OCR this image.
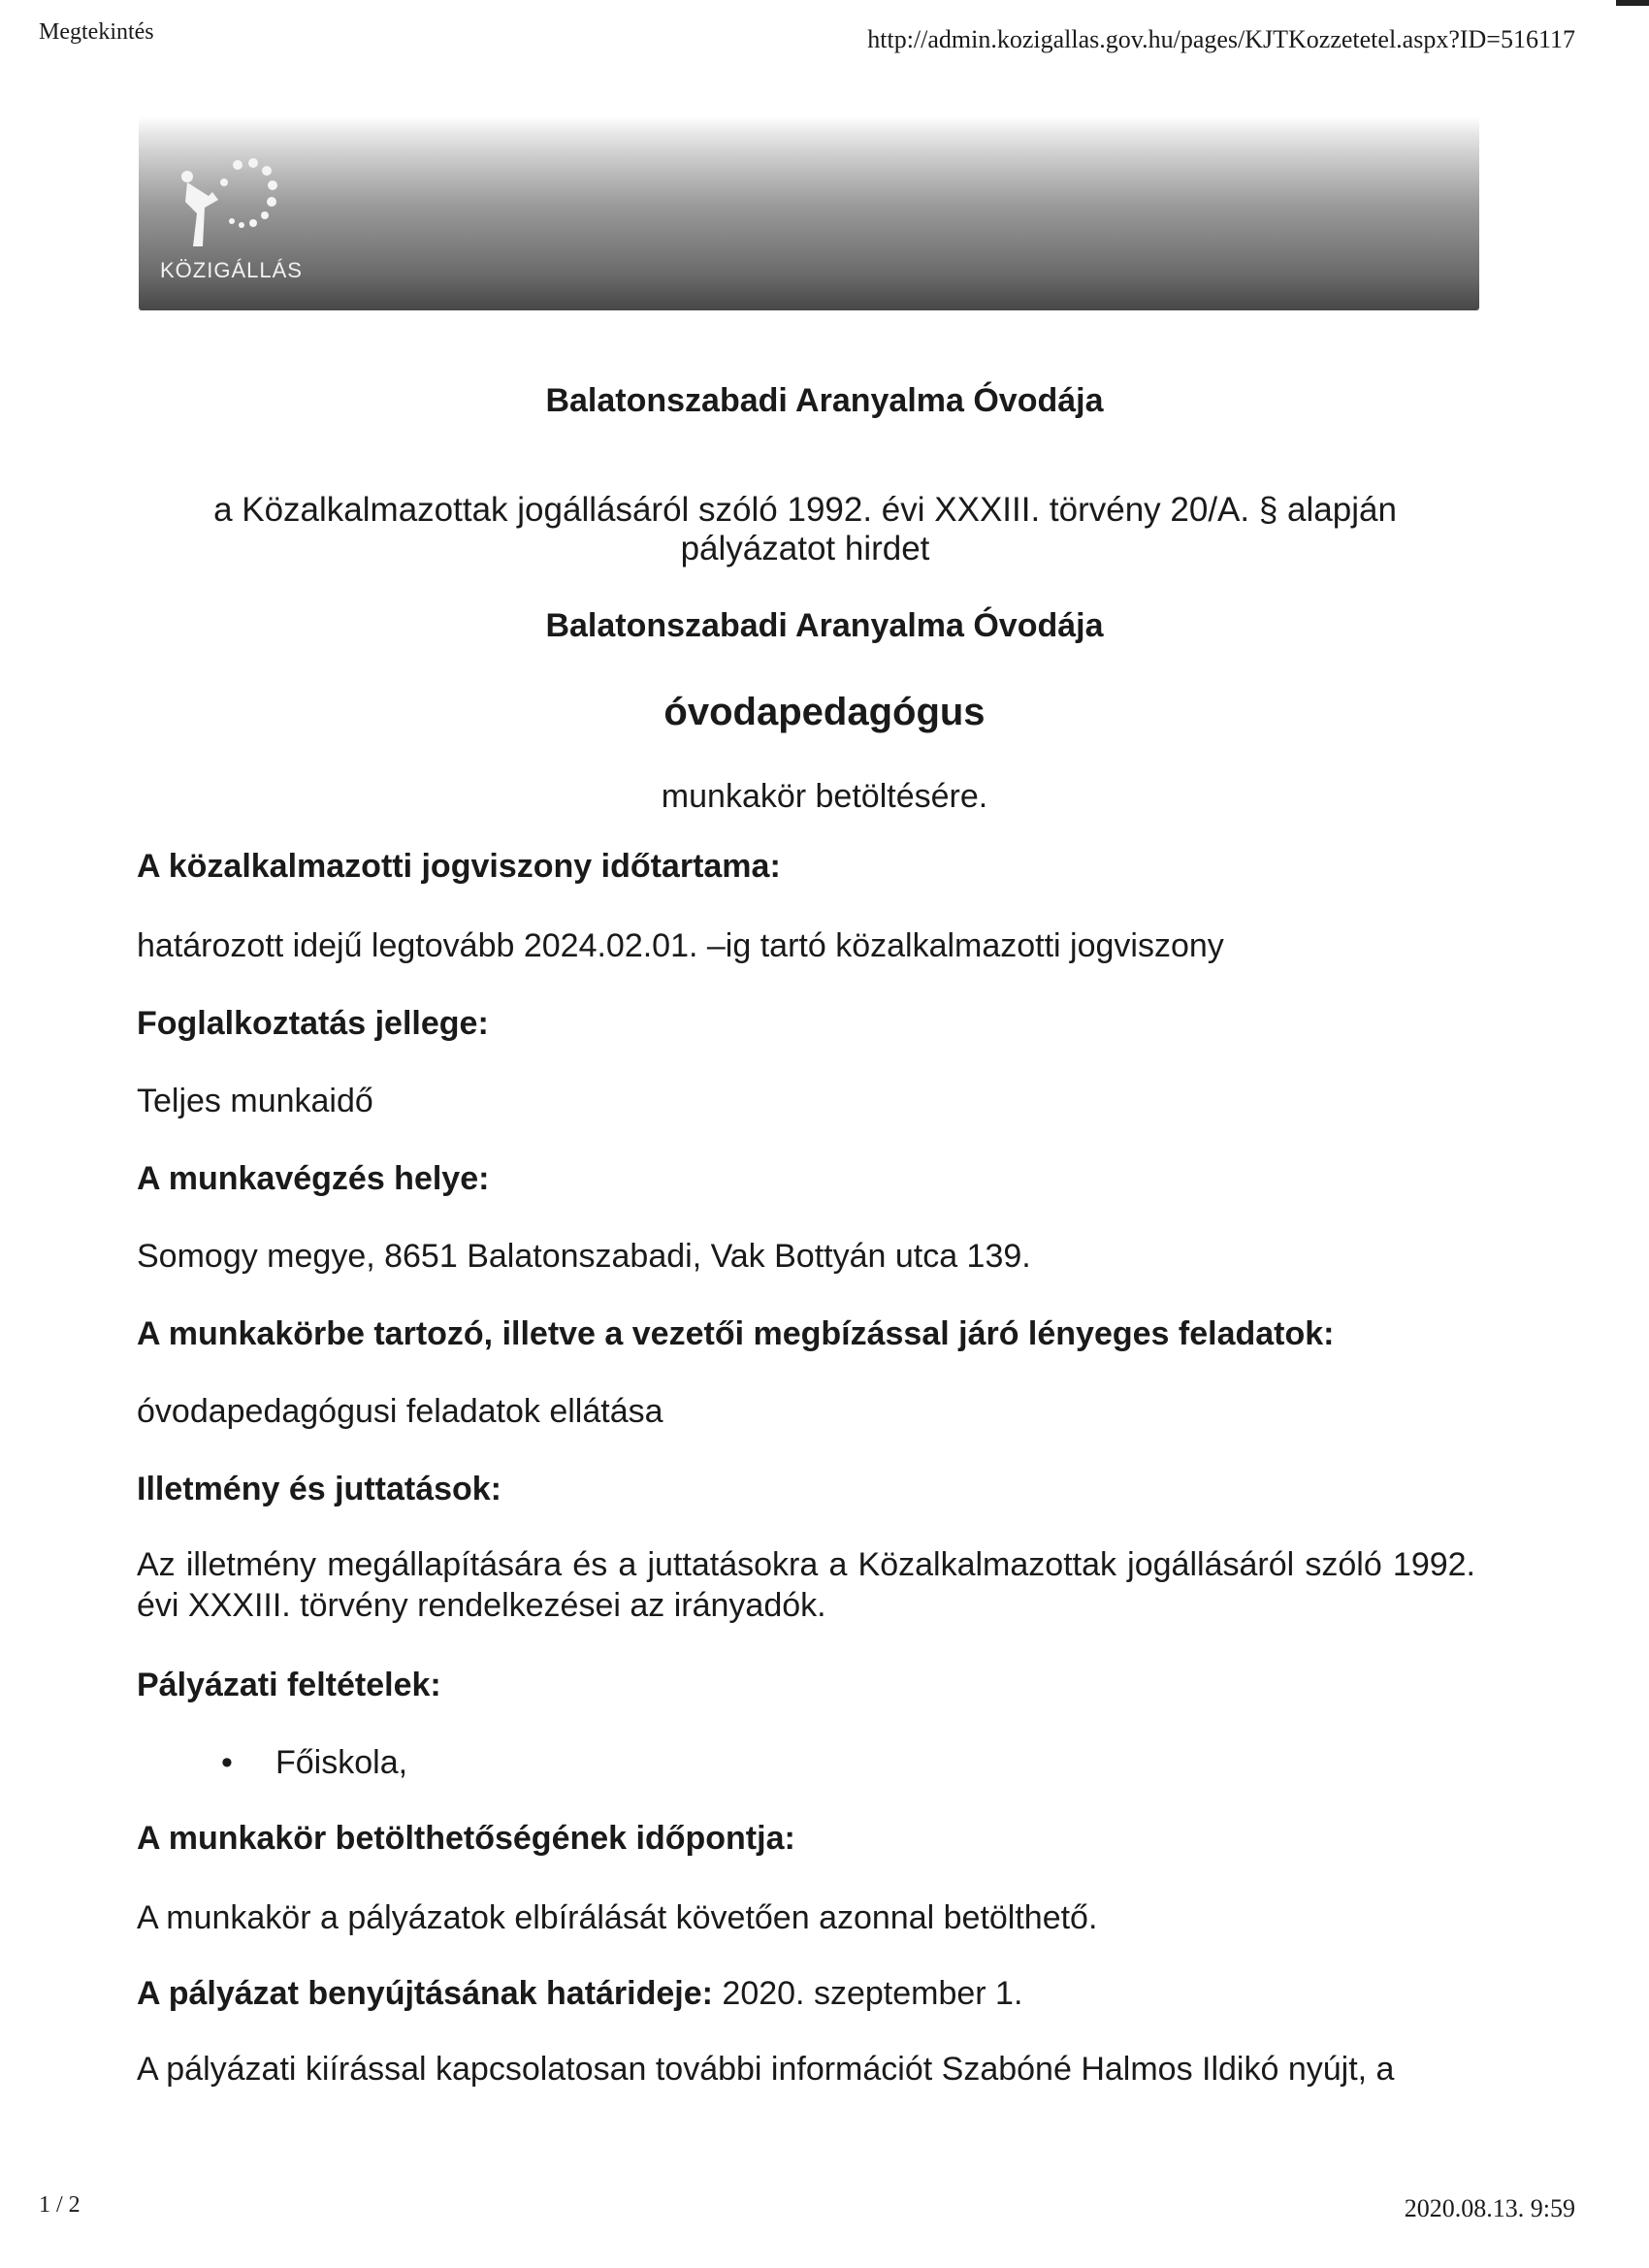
Megtekintés	http://admin.kozigallas.gov.hu/pages/KJTKozzetetel.aspx?ID=516117
KÖZIGÁLLÁS
Balatonszabadi Aranyalma Óvodája
a Közalkalmazottak jogállásáról szóló 1992. évi XXXIII. törvény 20/A. § alapján pályázatot hirdet
Balatonszabadi Aranyalma Óvodája
óvodapedagógus
munkakör betöltésére.
A közalkalmazotti jogviszony időtartama:
határozott idejű legtovább 2024.02.01. –ig tartó közalkalmazotti jogviszony
Foglalkoztatás jellege:
Teljes munkaidő
A munkavégzés helye:
Somogy megye, 8651 Balatonszabadi, Vak Bottyán utca 139.
A munkakörbe tartozó, illetve a vezetői megbízással járó lényeges feladatok:
óvodapedagógusi feladatok ellátása
Illetmény és juttatások:
Az illetmény megállapítására és a juttatásokra a Közalkalmazottak jogállásáról szóló 1992. évi XXXIII. törvény rendelkezései az irányadók.
Pályázati feltételek:
• Főiskola,
A munkakör betölthetőségének időpontja:
A munkakör a pályázatok elbírálását követően azonnal betölthető.
A pályázat benyújtásának határideje: 2020. szeptember 1.
A pályázati kiírással kapcsolatosan további információt Szabóné Halmos Ildikó nyújt, a
1 / 2	2020.08.13. 9:59
